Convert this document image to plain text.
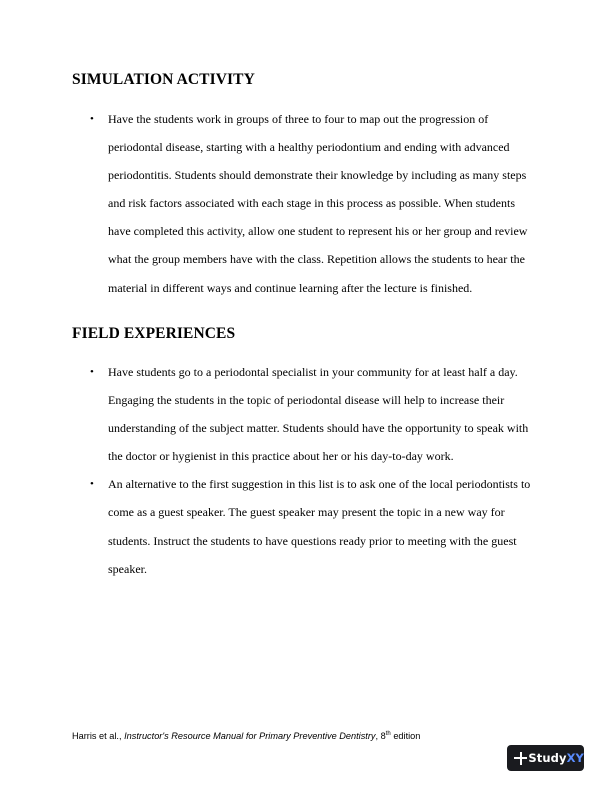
SIMULATION ACTIVITY
• Have the students work in groups of three to four to map out the progression of periodontal disease, starting with a healthy periodontium and ending with advanced periodontitis. Students should demonstrate their knowledge by including as many steps and risk factors associated with each stage in this process as possible. When students have completed this activity, allow one student to represent his or her group and review what the group members have with the class. Repetition allows the students to hear the material in different ways and continue learning after the lecture is finished.
FIELD EXPERIENCES
• Have students go to a periodontal specialist in your community for at least half a day. Engaging the students in the topic of periodontal disease will help to increase their understanding of the subject matter. Students should have the opportunity to speak with the doctor or hygienist in this practice about her or his day-to-day work.
• An alternative to the first suggestion in this list is to ask one of the local periodontists to come as a guest speaker. The guest speaker may present the topic in a new way for students. Instruct the students to have questions ready prior to meeting with the guest speaker.
Harris et al., Instructor's Resource Manual for Primary Preventive Dentistry, 8th edition
StudyXY
